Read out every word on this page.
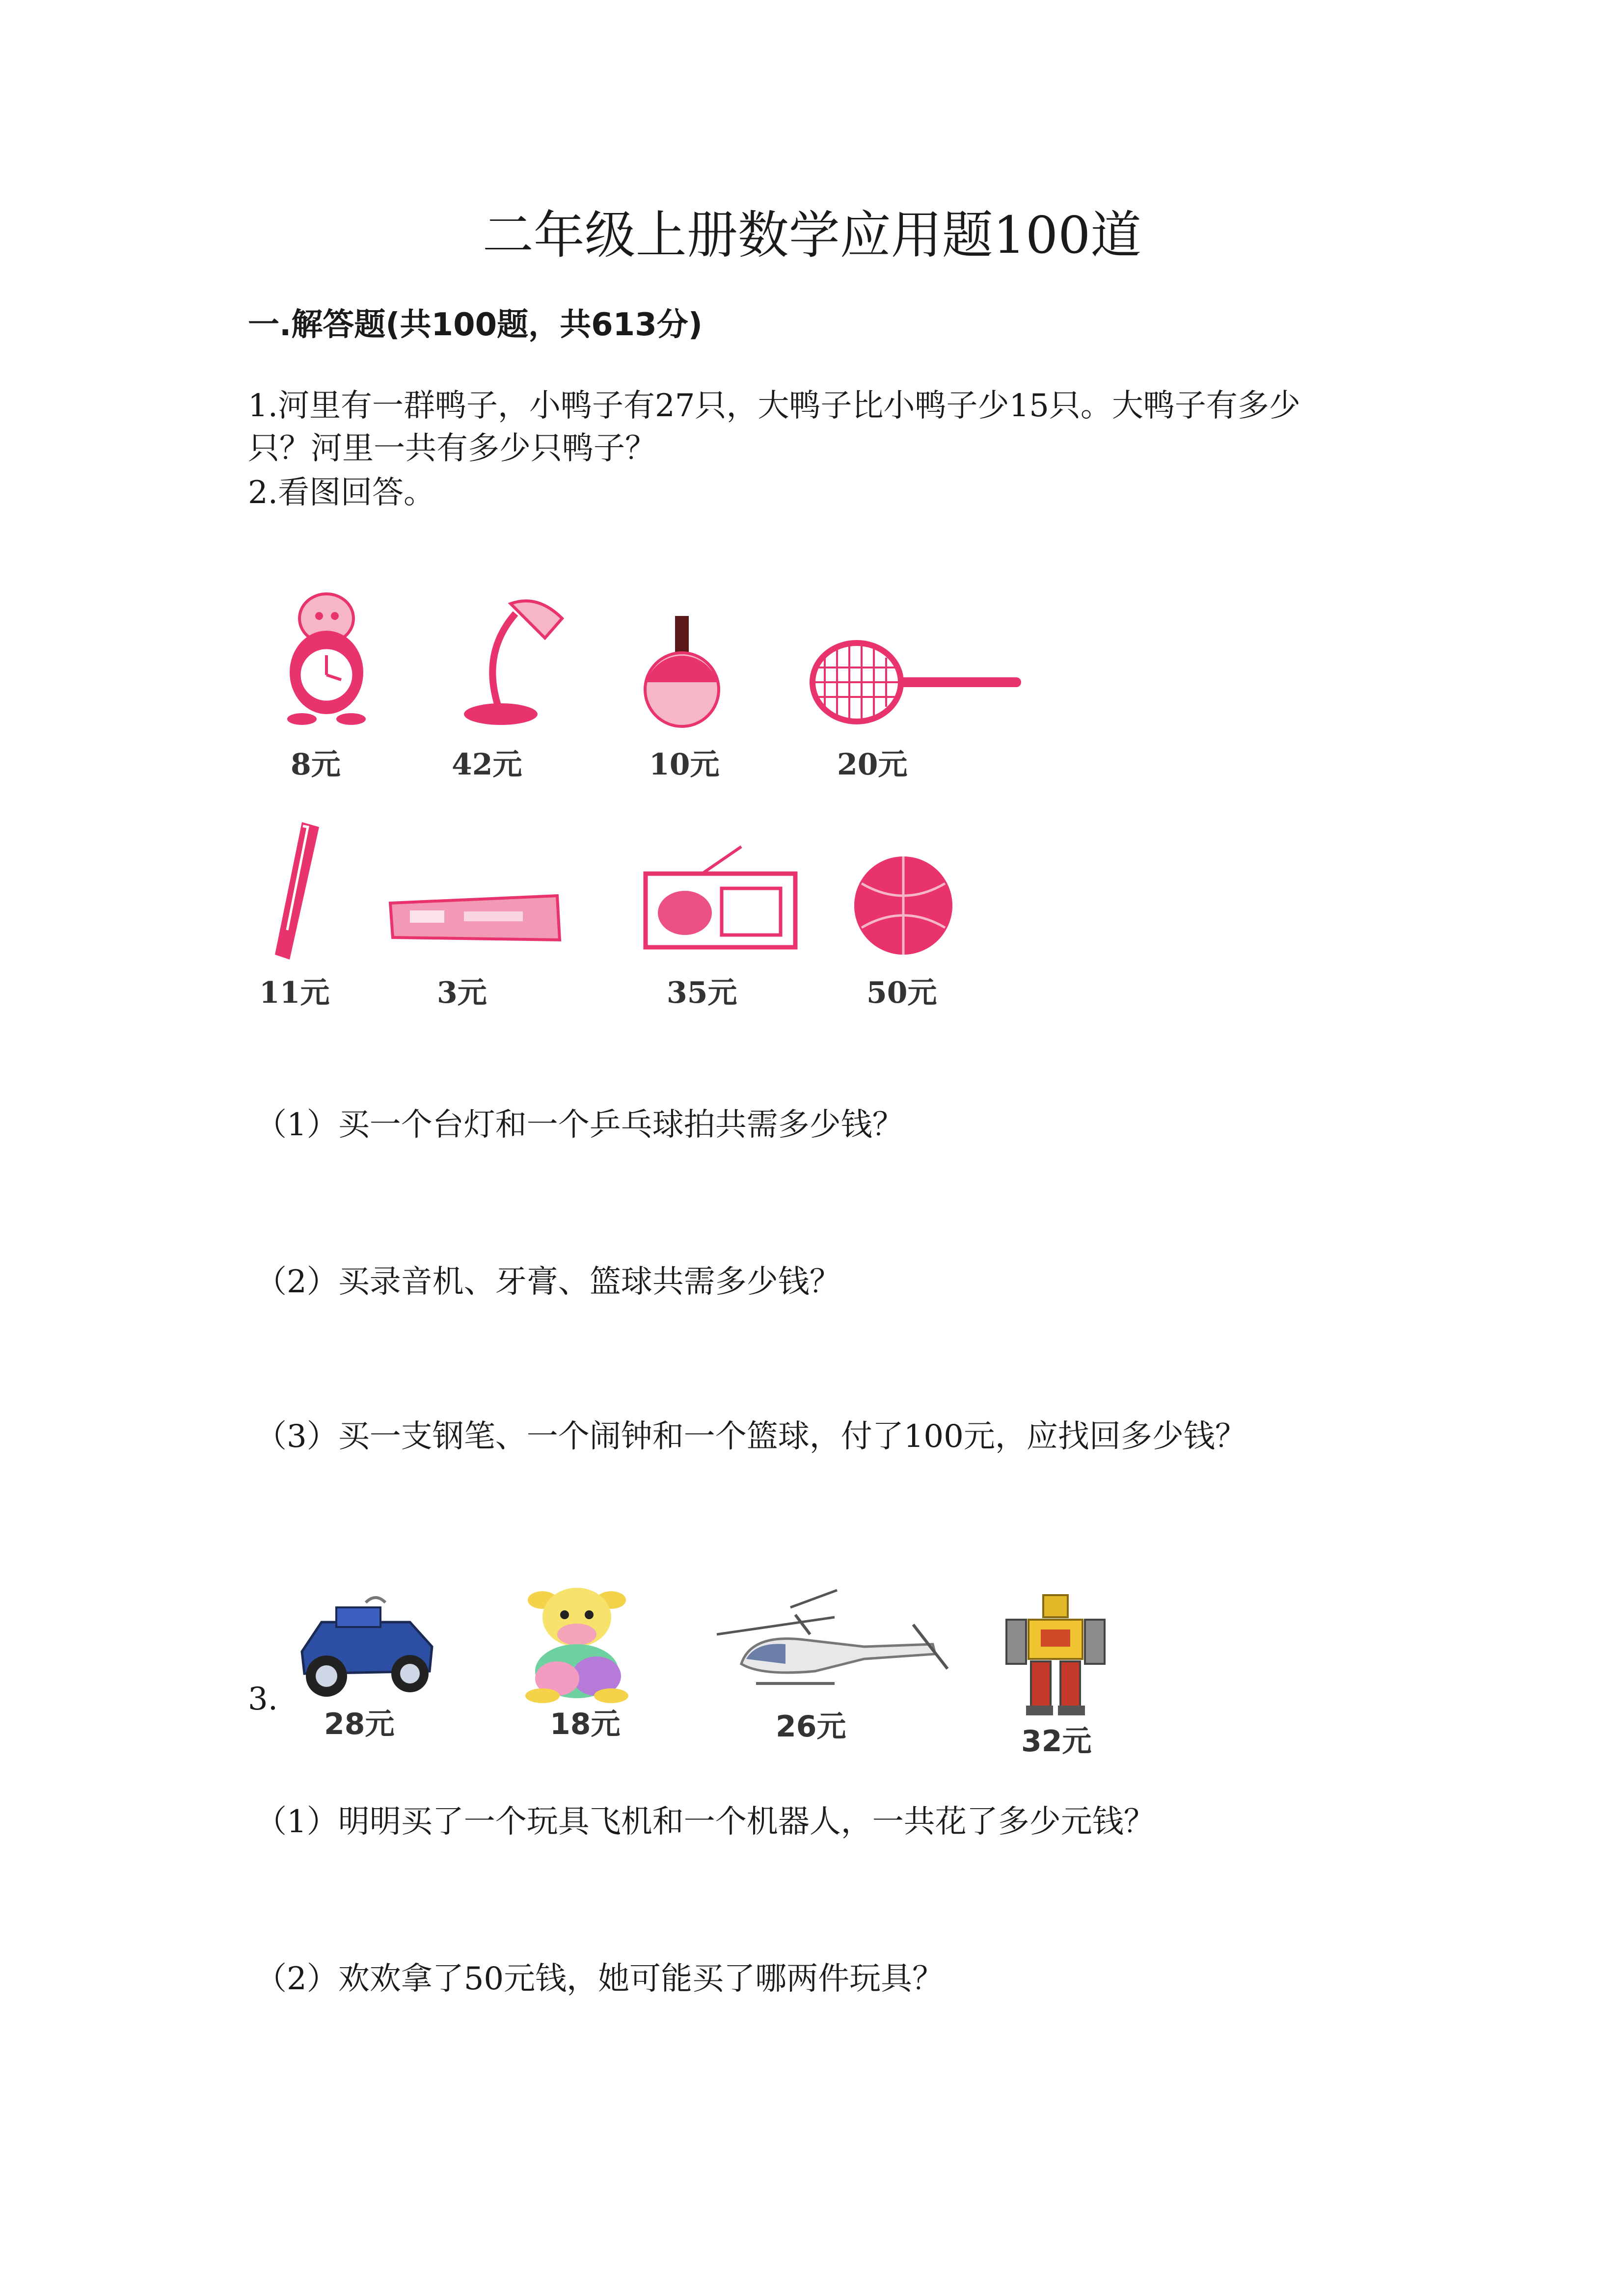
二年级上册数学应用题100道
一.解答题(共100题，共613分)
1.河里有一群鸭子，小鸭子有27只，大鸭子比小鸭子少15只。大鸭子有多少
只？河里一共有多少只鸭子？
2.看图回答。
8元	42元	10元	20元
11元	3元	35元	50元
（1）买一个台灯和一个乒乓球拍共需多少钱？
（2）买录音机、牙膏、篮球共需多少钱？
（3）买一支钢笔、一个闹钟和一个篮球，付了100元，应找回多少钱？
3.
28元	18元	26元	32元
（1）明明买了一个玩具飞机和一个机器人，一共花了多少元钱？
（2）欢欢拿了50元钱，她可能买了哪两件玩具？
